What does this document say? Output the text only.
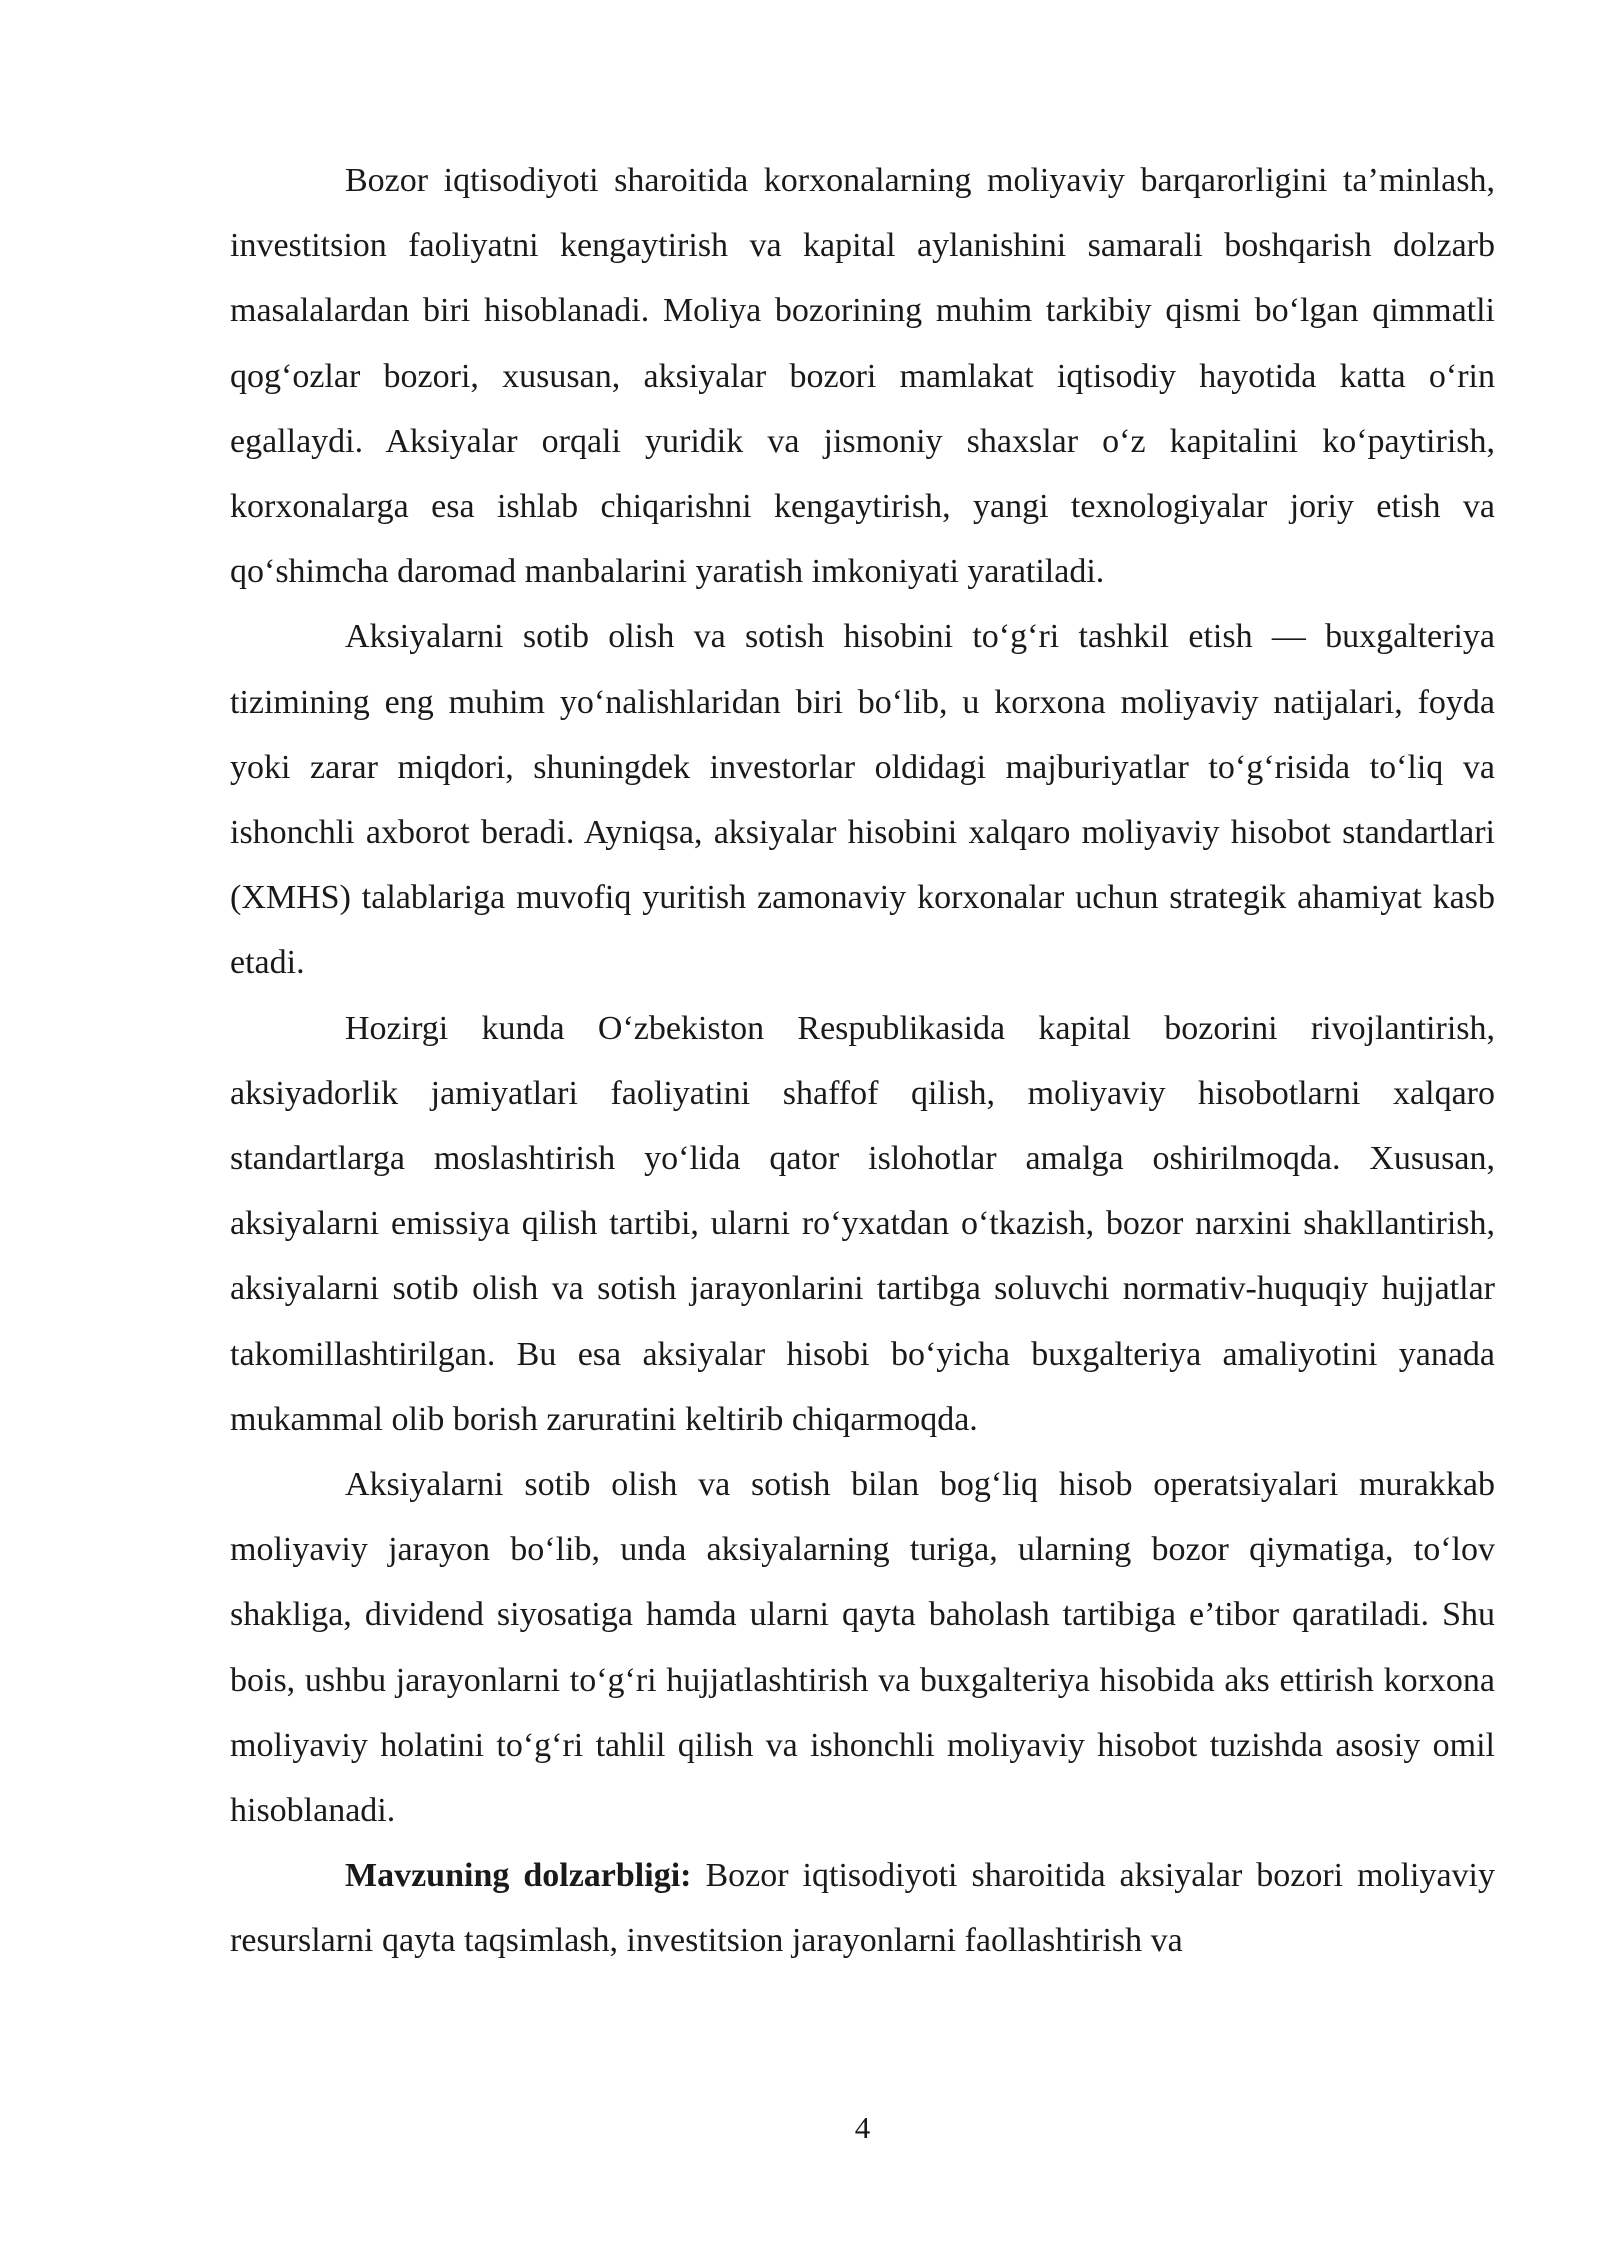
Bozor iqtisodiyoti sharoitida korxonalarning moliyaviy barqarorligini ta’minlash, investitsion faoliyatni kengaytirish va kapital aylanishini samarali boshqarish dolzarb masalalardan biri hisoblanadi. Moliya bozorining muhim tarkibiy qismi bo‘lgan qimmatli qog‘ozlar bozori, xususan, aksiyalar bozori mamlakat iqtisodiy hayotida katta o‘rin egallaydi. Aksiyalar orqali yuridik va jismoniy shaxslar o‘z kapitalini ko‘paytirish, korxonalarga esa ishlab chiqarishni kengaytirish, yangi texnologiyalar joriy etish va qo‘shimcha daromad manbalarini yaratish imkoniyati yaratiladi.

Aksiyalarni sotib olish va sotish hisobini to‘g‘ri tashkil etish — buxgalteriya tizimining eng muhim yo‘nalishlaridan biri bo‘lib, u korxona moliyaviy natijalari, foyda yoki zarar miqdori, shuningdek investorlar oldidagi majburiyatlar to‘g‘risida to‘liq va ishonchli axborot beradi. Ayniqsa, aksiyalar hisobini xalqaro moliyaviy hisobot standartlari (XMHS) talablariga muvofiq yuritish zamonaviy korxonalar uchun strategik ahamiyat kasb etadi.

Hozirgi kunda O‘zbekiston Respublikasida kapital bozorini rivojlantirish, aksiyadorlik jamiyatlari faoliyatini shaffof qilish, moliyaviy hisobotlarni xalqaro standartlarga moslashtirish yo‘lida qator islohotlar amalga oshirilmoqda. Xususan, aksiyalarni emissiya qilish tartibi, ularni ro‘yxatdan o‘tkazish, bozor narxini shakllantirish, aksiyalarni sotib olish va sotish jarayonlarini tartibga soluvchi normativ-huquqiy hujjatlar takomillashtirilgan. Bu esa aksiyalar hisobi bo‘yicha buxgalteriya amaliyotini yanada mukammal olib borish zaruratini keltirib chiqarmoqda.

Aksiyalarni sotib olish va sotish bilan bog‘liq hisob operatsiyalari murakkab moliyaviy jarayon bo‘lib, unda aksiyalarning turiga, ularning bozor qiymatiga, to‘lov shakliga, dividend siyosatiga hamda ularni qayta baholash tartibiga e’tibor qaratiladi. Shu bois, ushbu jarayonlarni to‘g‘ri hujjatlashtirish va buxgalteriya hisobida aks ettirish korxona moliyaviy holatini to‘g‘ri tahlil qilish va ishonchli moliyaviy hisobot tuzishda asosiy omil hisoblanadi.

Mavzuning dolzarbligi: Bozor iqtisodiyoti sharoitida aksiyalar bozori moliyaviy resurslarni qayta taqsimlash, investitsion jarayonlarni faollashtirish va

4
